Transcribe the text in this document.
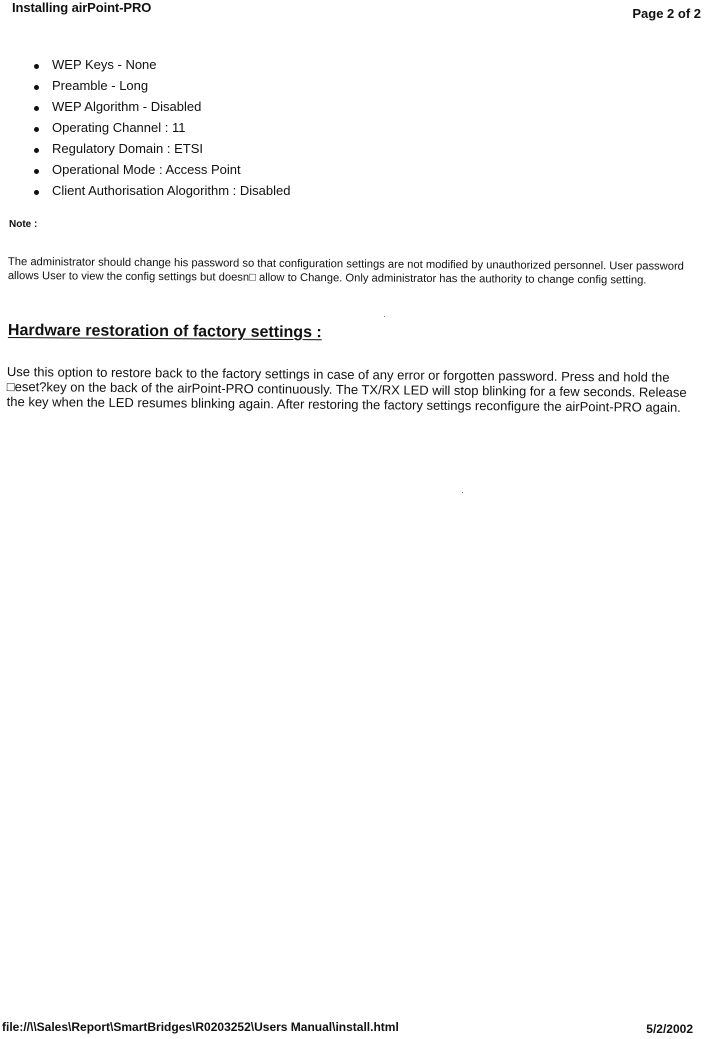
Installing airPoint-PRO	Page 2 of 2
WEP Keys - None
Preamble - Long
WEP Algorithm - Disabled
Operating Channel : 11
Regulatory Domain : ETSI
Operational Mode : Access Point
Client Authorisation Alogorithm : Disabled
Note :
The administrator should change his password so that configuration settings are not modified by unauthorized personnel. User password allows User to view the config settings but doesn□ allow to Change. Only administrator has the authority to change config setting.
Hardware restoration of factory settings :
Use this option to restore back to the factory settings in case of any error or forgotten password. Press and hold the □eset?key on the back of the airPoint-PRO continuously. The TX/RX LED will stop blinking for a few seconds. Release the key when the LED resumes blinking again. After restoring the factory settings reconfigure the airPoint-PRO again.
file://\\Sales\Report\SmartBridges\R0203252\Users Manual\install.html	5/2/2002
